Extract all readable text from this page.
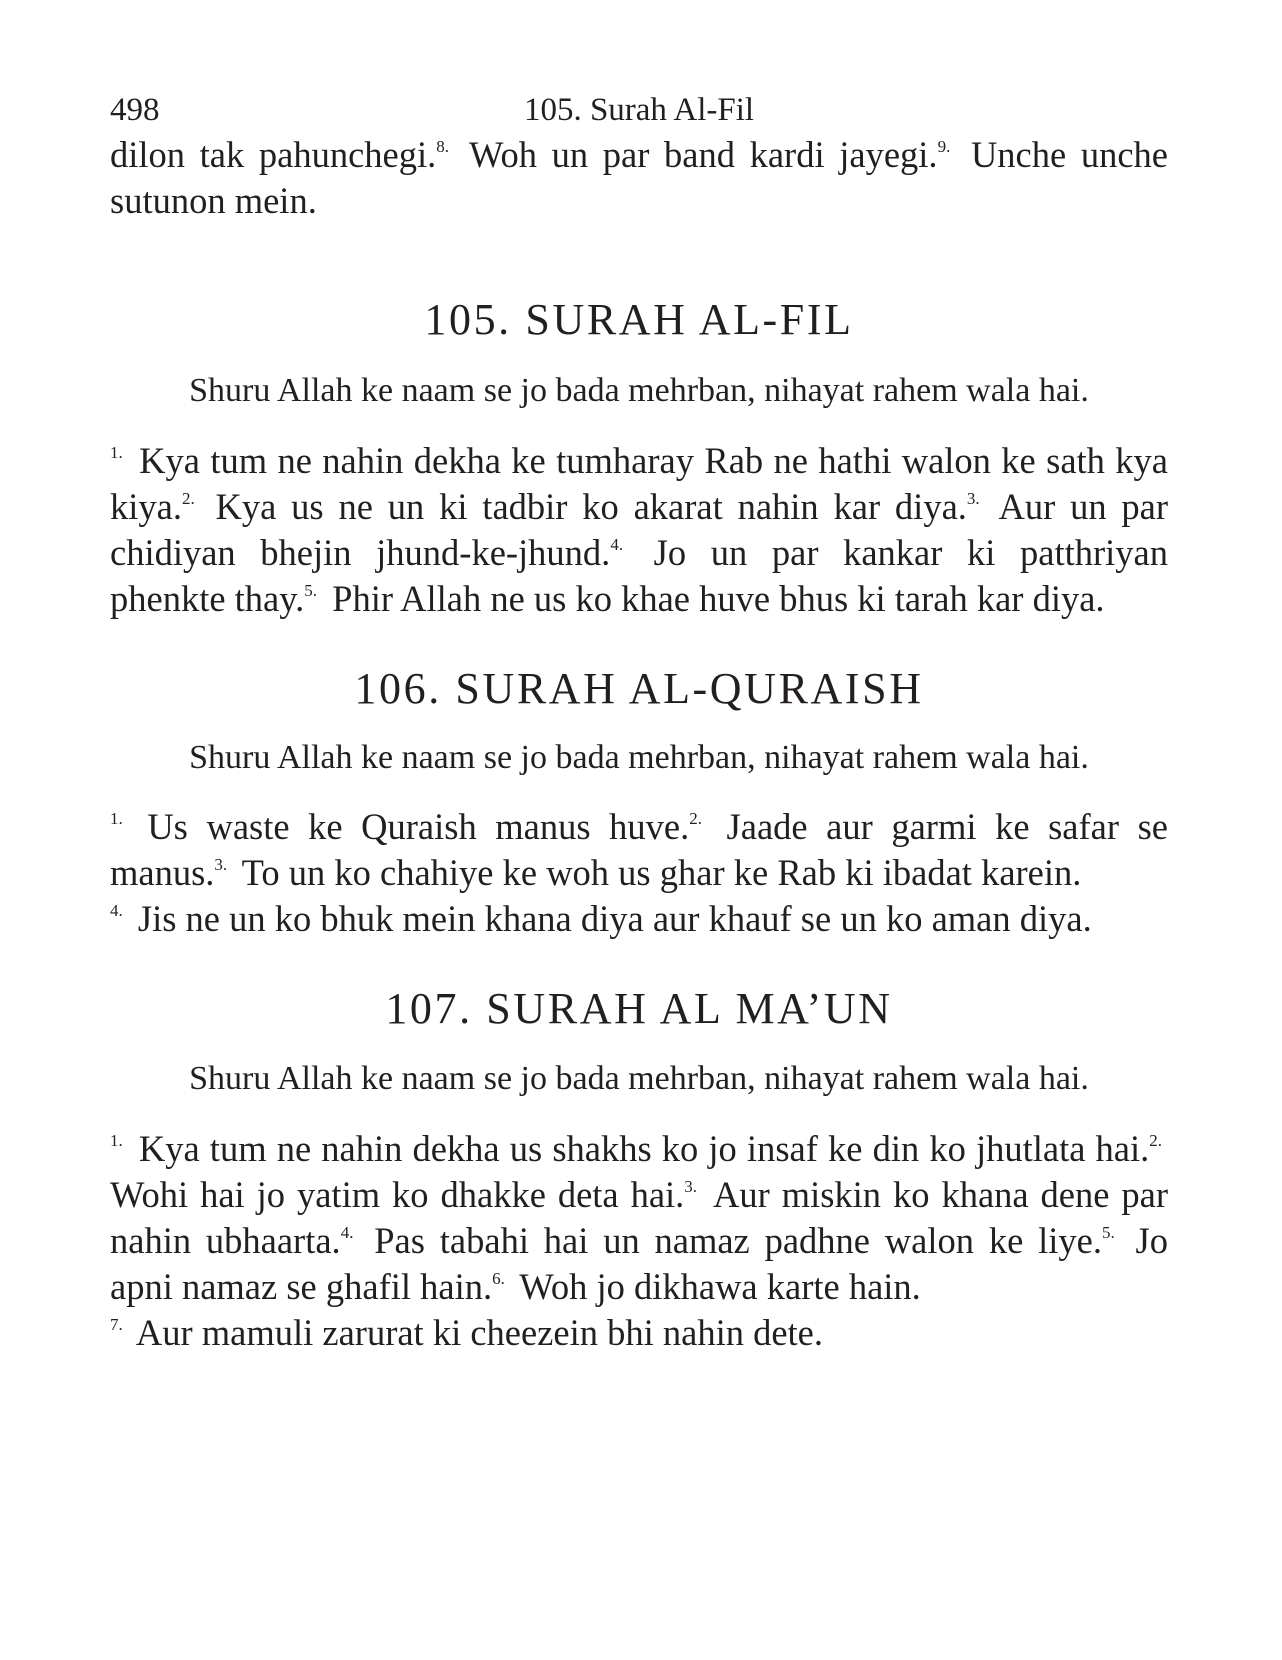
498	105. Surah Al-Fil

dilon tak pahunchegi.$^{8.}$ Woh un par band kardi jayegi.$^{9.}$ Unche unche sutunon mein.

105. SURAH AL-FIL

Shuru Allah ke naam se jo bada mehrban, nihayat rahem wala hai.

$^{1.}$ Kya tum ne nahin dekha ke tumharay Rab ne hathi walon ke sath kya kiya.$^{2.}$ Kya us ne un ki tadbir ko akarat nahin kar diya.$^{3.}$ Aur un par chidiyan bhejin jhund-ke-jhund.$^{4.}$ Jo un par kankar ki patthriyan phenkte thay.$^{5.}$ Phir Allah ne us ko khae huve bhus ki tarah kar diya.

106. SURAH AL-QURAISH

Shuru Allah ke naam se jo bada mehrban, nihayat rahem wala hai.

$^{1.}$ Us waste ke Quraish manus huve.$^{2.}$ Jaade aur garmi ke safar se manus.$^{3.}$ To un ko chahiye ke woh us ghar ke Rab ki ibadat karein.
$^{4.}$ Jis ne un ko bhuk mein khana diya aur khauf se un ko aman diya.

107. SURAH AL MA’UN

Shuru Allah ke naam se jo bada mehrban, nihayat rahem wala hai.

$^{1.}$ Kya tum ne nahin dekha us shakhs ko jo insaf ke din ko jhutlata hai.$^{2.}$ Wohi hai jo yatim ko dhakke deta hai.$^{3.}$ Aur miskin ko khana dene par nahin ubhaarta.$^{4.}$ Pas tabahi hai un namaz padhne walon ke liye.$^{5.}$ Jo apni namaz se ghafil hain.$^{6.}$ Woh jo dikhawa karte hain.
$^{7.}$ Aur mamuli zarurat ki cheezein bhi nahin dete.
